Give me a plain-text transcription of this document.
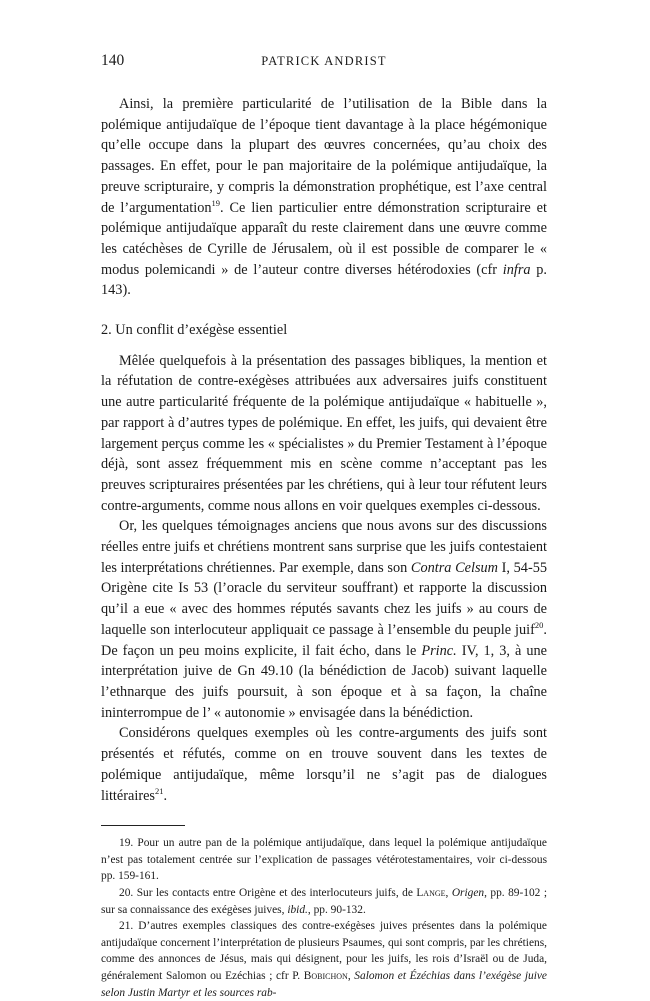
140	PATRICK ANDRIST

Ainsi, la première particularité de l’utilisation de la Bible dans la polémique antijudaïque de l’époque tient davantage à la place hégémonique qu’elle occupe dans la plupart des œuvres concernées, qu’au choix des passages. En effet, pour le pan majoritaire de la polémique antijudaïque, la preuve scripturaire, y compris la démonstration prophétique, est l’axe central de l’argumentation$^{19}$. Ce lien particulier entre démonstration scripturaire et polémique antijudaïque apparaît du reste clairement dans une œuvre comme les catéchèses de Cyrille de Jérusalem, où il est possible de comparer le « modus polemicandi » de l’auteur contre diverses hétérodoxies (cfr infra p. 143).

2. Un conflit d’exégèse essentiel

Mêlée quelquefois à la présentation des passages bibliques, la mention et la réfutation de contre-exégèses attribuées aux adversaires juifs constituent une autre particularité fréquente de la polémique antijudaïque « habituelle », par rapport à d’autres types de polémique. En effet, les juifs, qui devaient être largement perçus comme les « spécialistes » du Premier Testament à l’époque déjà, sont assez fréquemment mis en scène comme n’acceptant pas les preuves scripturaires présentées par les chrétiens, qui à leur tour réfutent leurs contre-arguments, comme nous allons en voir quelques exemples ci-dessous.

Or, les quelques témoignages anciens que nous avons sur des discussions réelles entre juifs et chrétiens montrent sans surprise que les juifs contestaient les interprétations chrétiennes. Par exemple, dans son Contra Celsum I, 54-55 Origène cite Is 53 (l’oracle du serviteur souffrant) et rapporte la discussion qu’il a eue « avec des hommes réputés savants chez les juifs » au cours de laquelle son interlocuteur appliquait ce passage à l’ensemble du peuple juif$^{20}$. De façon un peu moins explicite, il fait écho, dans le Princ. IV, 1, 3, à une interprétation juive de Gn 49.10 (la bénédiction de Jacob) suivant laquelle l’ethnarque des juifs poursuit, à son époque et à sa façon, la chaîne ininterrompue de l’ « autonomie » envisagée dans la bénédiction.

Considérons quelques exemples où les contre-arguments des juifs sont présentés et réfutés, comme on en trouve souvent dans les textes de polémique antijudaïque, même lorsqu’il ne s’agit pas de dialogues littéraires$^{21}$.

19. Pour un autre pan de la polémique antijudaïque, dans lequel la polémique antijudaïque n’est pas totalement centrée sur l’explication de passages vétérotestamentaires, voir ci-dessous pp. 159-161.

20. Sur les contacts entre Origène et des interlocuteurs juifs, de Lange, Origen, pp. 89-102 ; sur sa connaissance des exégèses juives, ibid., pp. 90-132.

21. D’autres exemples classiques des contre-exégèses juives présentes dans la polémique antijudaïque concernent l’interprétation de plusieurs Psaumes, qui sont compris, par les chrétiens, comme des annonces de Jésus, mais qui désignent, pour les juifs, les rois d’Israël ou de Juda, généralement Salomon ou Ezéchias ; cfr P. Bobichon, Salomon et Ézéchias dans l’exégèse juive selon Justin Martyr et les sources rab-
